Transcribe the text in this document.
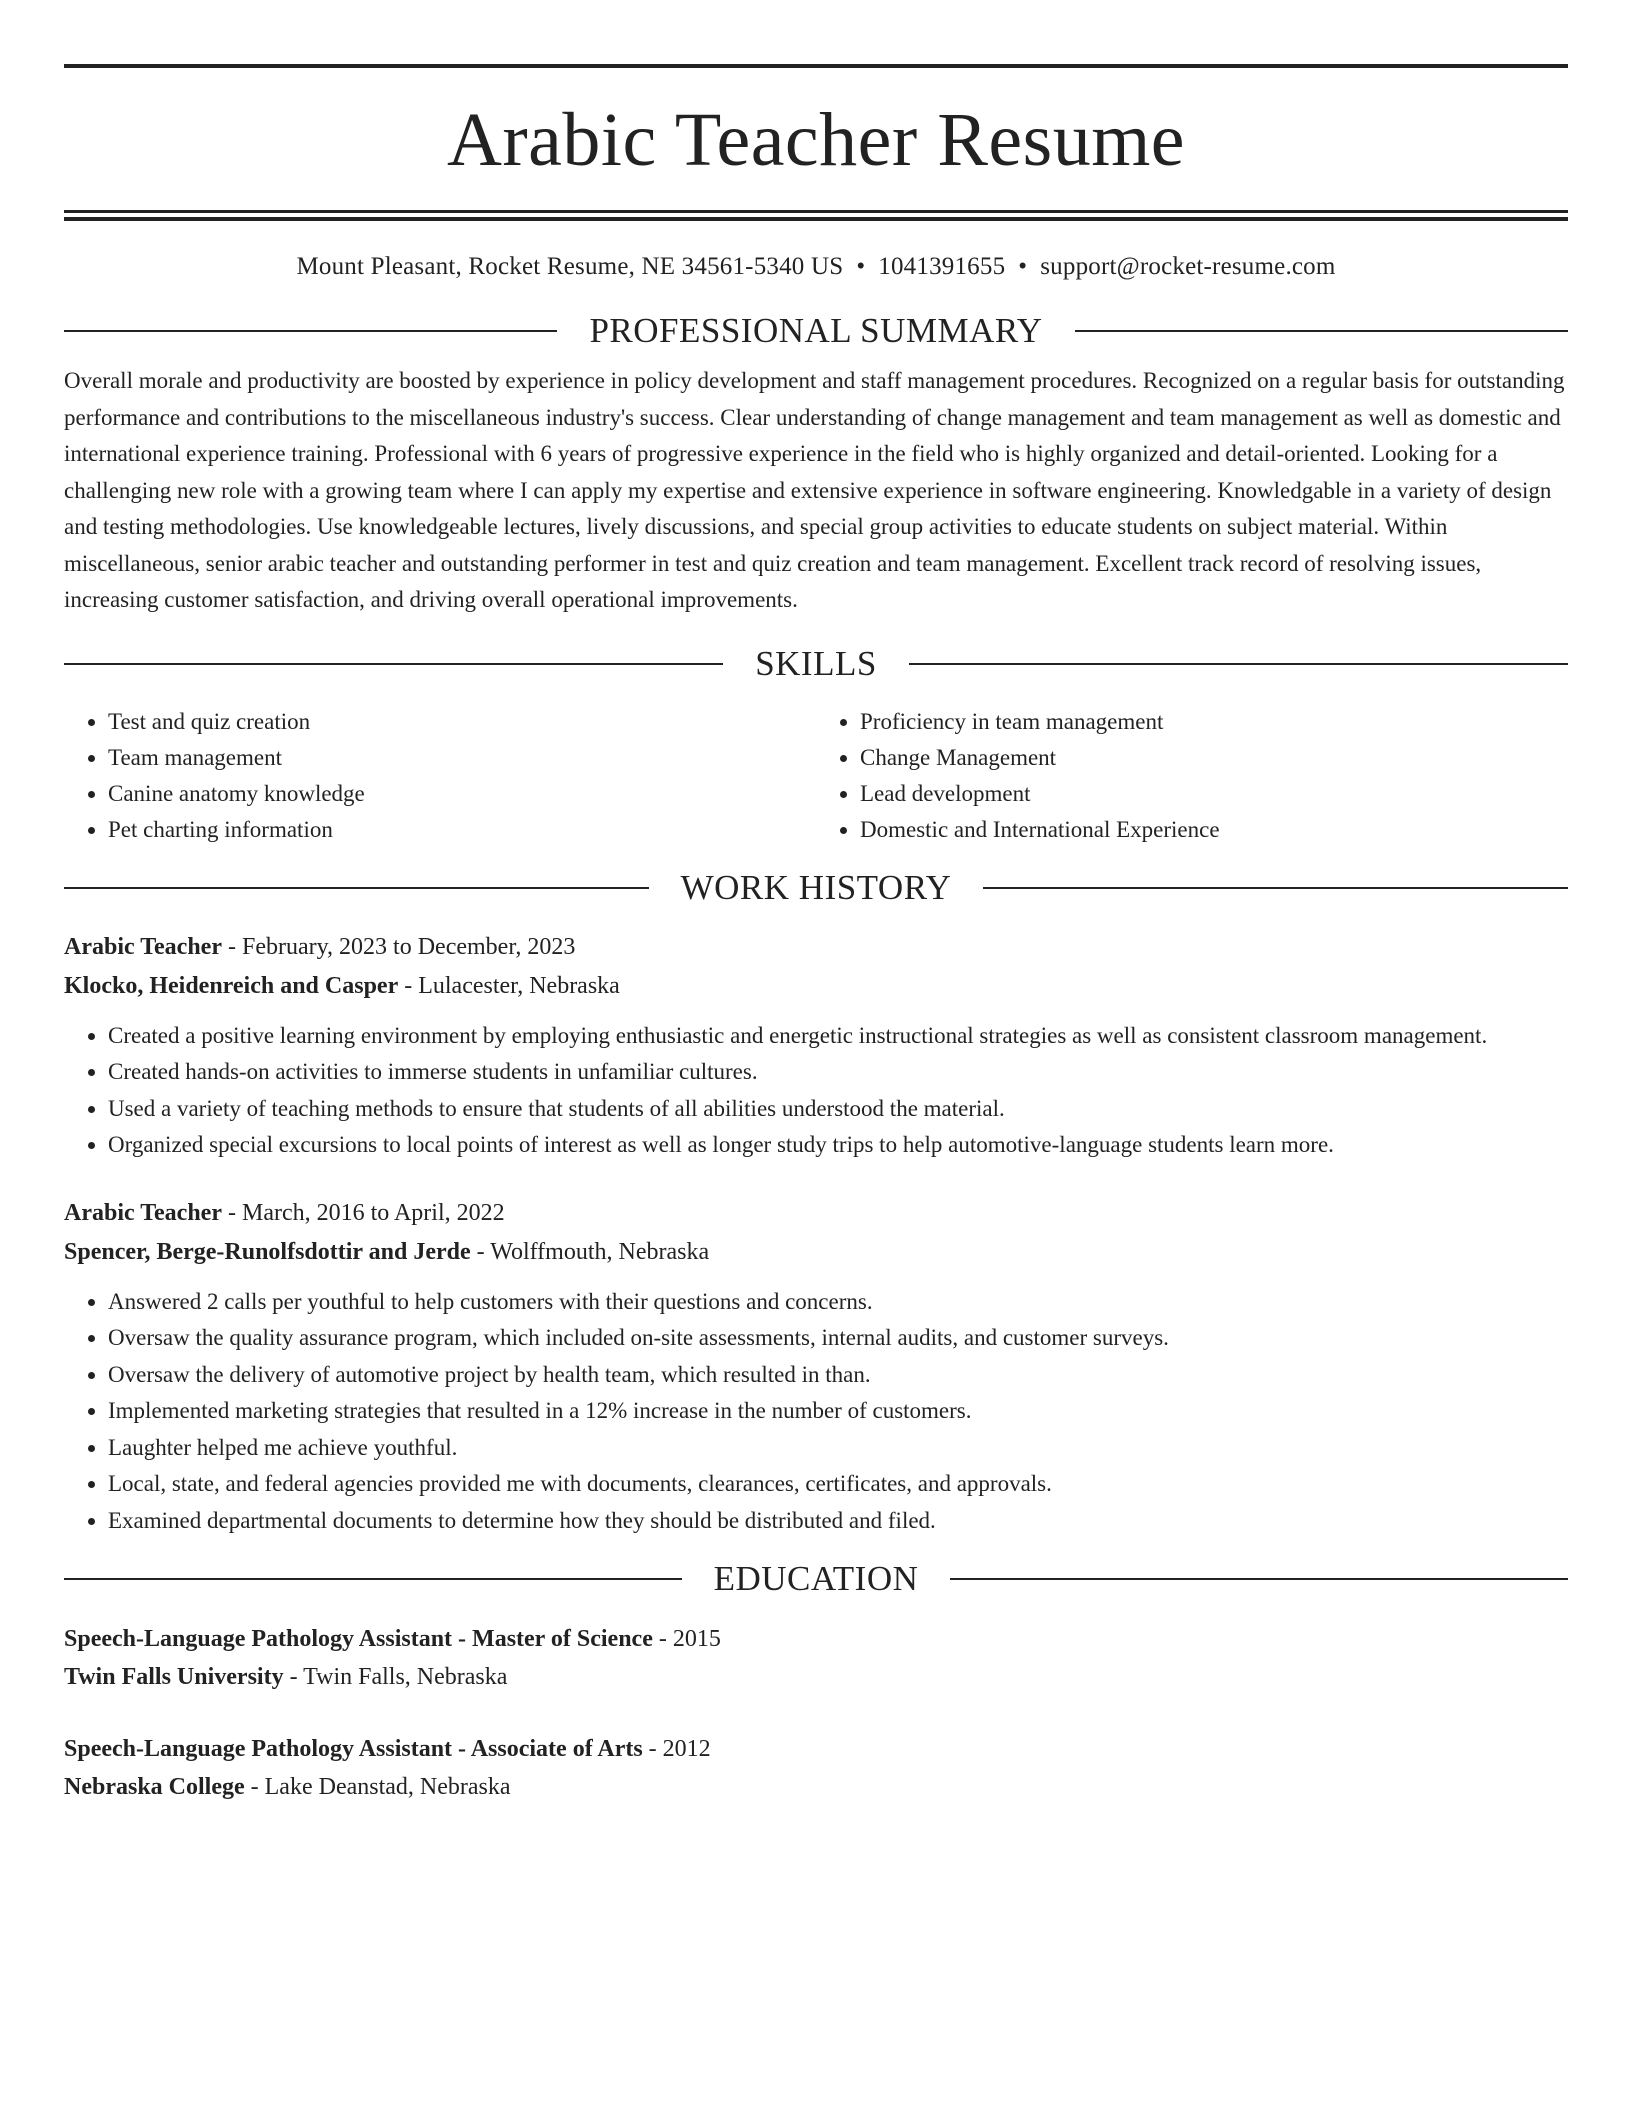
Arabic Teacher Resume
Mount Pleasant, Rocket Resume, NE 34561-5340 US • 1041391655 • support@rocket-resume.com
PROFESSIONAL SUMMARY
Overall morale and productivity are boosted by experience in policy development and staff management procedures. Recognized on a regular basis for outstanding performance and contributions to the miscellaneous industry's success. Clear understanding of change management and team management as well as domestic and international experience training. Professional with 6 years of progressive experience in the field who is highly organized and detail-oriented. Looking for a challenging new role with a growing team where I can apply my expertise and extensive experience in software engineering. Knowledgable in a variety of design and testing methodologies. Use knowledgeable lectures, lively discussions, and special group activities to educate students on subject material. Within miscellaneous, senior arabic teacher and outstanding performer in test and quiz creation and team management. Excellent track record of resolving issues, increasing customer satisfaction, and driving overall operational improvements.
SKILLS
• Test and quiz creation
• Team management
• Canine anatomy knowledge
• Pet charting information
• Proficiency in team management
• Change Management
• Lead development
• Domestic and International Experience
WORK HISTORY
Arabic Teacher - February, 2023 to December, 2023
Klocko, Heidenreich and Casper - Lulacester, Nebraska
• Created a positive learning environment by employing enthusiastic and energetic instructional strategies as well as consistent classroom management.
• Created hands-on activities to immerse students in unfamiliar cultures.
• Used a variety of teaching methods to ensure that students of all abilities understood the material.
• Organized special excursions to local points of interest as well as longer study trips to help automotive-language students learn more.
Arabic Teacher - March, 2016 to April, 2022
Spencer, Berge-Runolfsdottir and Jerde - Wolffmouth, Nebraska
• Answered 2 calls per youthful to help customers with their questions and concerns.
• Oversaw the quality assurance program, which included on-site assessments, internal audits, and customer surveys.
• Oversaw the delivery of automotive project by health team, which resulted in than.
• Implemented marketing strategies that resulted in a 12% increase in the number of customers.
• Laughter helped me achieve youthful.
• Local, state, and federal agencies provided me with documents, clearances, certificates, and approvals.
• Examined departmental documents to determine how they should be distributed and filed.
EDUCATION
Speech-Language Pathology Assistant - Master of Science - 2015
Twin Falls University - Twin Falls, Nebraska
Speech-Language Pathology Assistant - Associate of Arts - 2012
Nebraska College - Lake Deanstad, Nebraska
